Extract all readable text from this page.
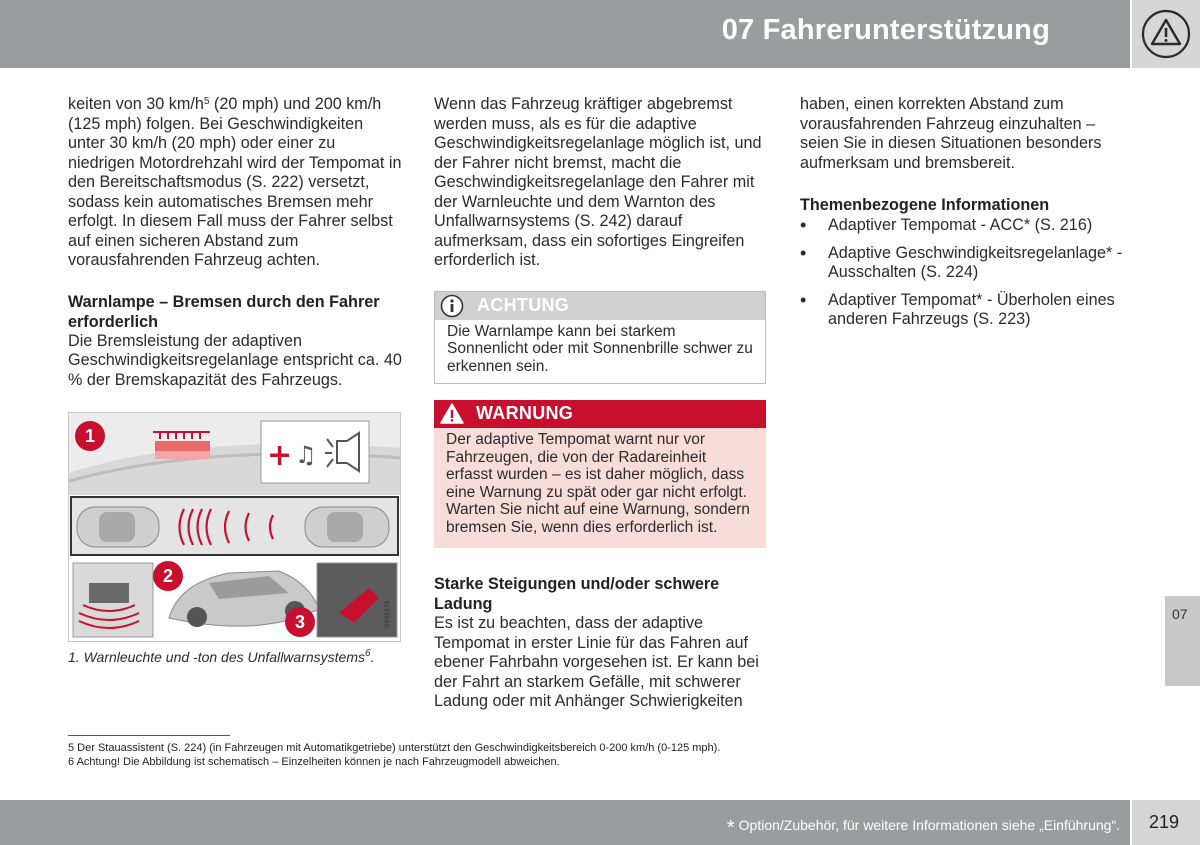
07 Fahrerunterstützung

keiten von 30 $km/h^5$ (20 mph) und 200 km/h (125 mph) folgen. Bei Geschwindigkeiten unter 30 km/h (20 mph) oder einer zu niedrigen Motordrehzahl wird der Tempomat in den Bereitschaftsmodus (S. 222) versetzt, sodass kein automatisches Bremsen mehr erfolgt. In diesem Fall muss der Fahrer selbst auf einen sicheren Abstand zum vorausfahrenden Fahrzeug achten.

Warnlampe – Bremsen durch den Fahrer erforderlich

Die Bremsleistung der adaptiven Geschwindigkeitsregelanlage entspricht ca. 40 % der Bremskapazität des Fahrzeugs.

+ ♫
G046278
1
2
3
1. Warnleuchte und -ton des Unfallwarnsystems$^6$.

Wenn das Fahrzeug kräftiger abgebremst werden muss, als es für die adaptive Geschwindigkeitsregelanlage möglich ist, und der Fahrer nicht bremst, macht die Geschwindigkeitsregelanlage den Fahrer mit der Warnleuchte und dem Warnton des Unfallwarnsystems (S. 242) darauf aufmerksam, dass ein sofortiges Eingreifen erforderlich ist.

ACHTUNG
Die Warnlampe kann bei starkem Sonnenlicht oder mit Sonnenbrille schwer zu erkennen sein.
WARNUNG
Der adaptive Tempomat warnt nur vor Fahrzeugen, die von der Radareinheit erfasst wurden – es ist daher möglich, dass eine Warnung zu spät oder gar nicht erfolgt. Warten Sie nicht auf eine Warnung, sondern bremsen Sie, wenn dies erforderlich ist.
Starke Steigungen und/oder schwere Ladung

Es ist zu beachten, dass der adaptive Tempomat in erster Linie für das Fahren auf ebener Fahrbahn vorgesehen ist. Er kann bei der Fahrt an starkem Gefälle, mit schwerer Ladung oder mit Anhänger Schwierigkeiten

haben, einen korrekten Abstand zum vorausfahrenden Fahrzeug einzuhalten – seien Sie in diesen Situationen besonders aufmerksam und bremsbereit.

Themenbezogene Informationen
• Adaptiver Tempomat - ACC* (S. 216)
• Adaptive Geschwindigkeitsregelanlage* - Ausschalten (S. 224)
• Adaptiver Tempomat* - Überholen eines anderen Fahrzeugs (S. 223)
5 Der Stauassistent (S. 224) (in Fahrzeugen mit Automatikgetriebe) unterstützt den Geschwindigkeitsbereich 0-200 km/h (0-125 mph).
6 Achtung! Die Abbildung ist schematisch – Einzelheiten können je nach Fahrzeugmodell abweichen.
07
* Option/Zubehör, für weitere Informationen siehe „Einführung“. 219
